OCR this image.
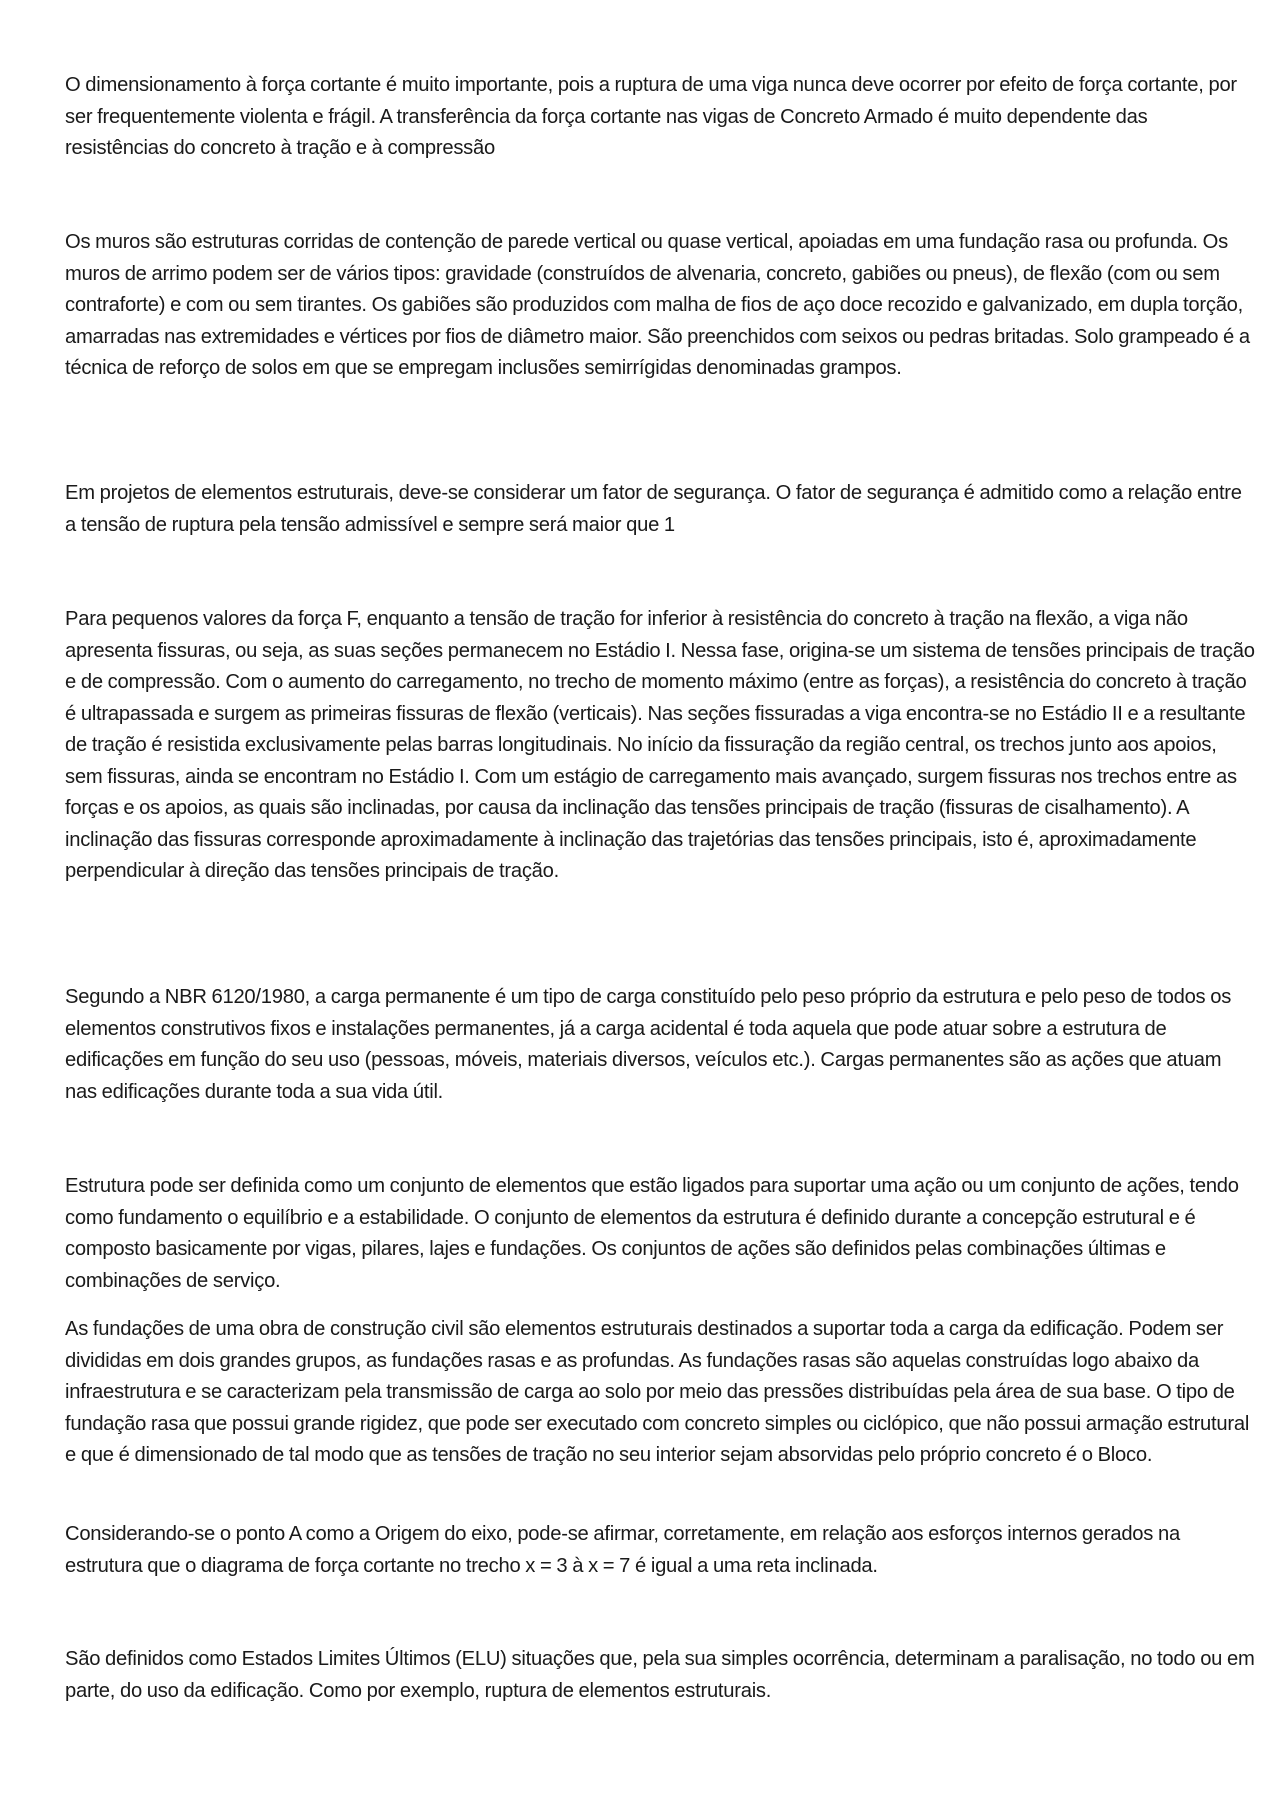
O dimensionamento à força cortante é muito importante, pois a ruptura de uma viga nunca deve ocorrer por efeito de força cortante, por ser frequentemente violenta e frágil. A transferência da força cortante nas vigas de Concreto Armado é muito dependente das resistências do concreto à tração e à compressão

Os muros são estruturas corridas de contenção de parede vertical ou quase vertical, apoiadas em uma fundação rasa ou profunda. Os muros de arrimo podem ser de vários tipos: gravidade (construídos de alvenaria, concreto, gabiões ou pneus), de flexão (com ou sem contraforte) e com ou sem tirantes. Os gabiões são produzidos com malha de fios de aço doce recozido e galvanizado, em dupla torção, amarradas nas extremidades e vértices por fios de diâmetro maior. São preenchidos com seixos ou pedras britadas. Solo grampeado é a técnica de reforço de solos em que se empregam inclusões semirrígidas denominadas grampos.

Em projetos de elementos estruturais, deve-se considerar um fator de segurança. O fator de segurança é admitido como a relação entre a tensão de ruptura pela tensão admissível e sempre será maior que 1

Para pequenos valores da força F, enquanto a tensão de tração for inferior à resistência do concreto à tração na flexão, a viga não apresenta fissuras, ou seja, as suas seções permanecem no Estádio I. Nessa fase, origina-se um sistema de tensões principais de tração e de compressão. Com o aumento do carregamento, no trecho de momento máximo (entre as forças), a resistência do concreto à tração é ultrapassada e surgem as primeiras fissuras de flexão (verticais). Nas seções fissuradas a viga encontra-se no Estádio II e a resultante de tração é resistida exclusivamente pelas barras longitudinais. No início da fissuração da região central, os trechos junto aos apoios, sem fissuras, ainda se encontram no Estádio I. Com um estágio de carregamento mais avançado, surgem fissuras nos trechos entre as forças e os apoios, as quais são inclinadas, por causa da inclinação das tensões principais de tração (fissuras de cisalhamento). A inclinação das fissuras corresponde aproximadamente à inclinação das trajetórias das tensões principais, isto é, aproximadamente perpendicular à direção das tensões principais de tração.

Segundo a NBR 6120/1980, a carga permanente é um tipo de carga constituído pelo peso próprio da estrutura e pelo peso de todos os elementos construtivos fixos e instalações permanentes, já a carga acidental é toda aquela que pode atuar sobre a estrutura de edificações em função do seu uso (pessoas, móveis, materiais diversos, veículos etc.). Cargas permanentes são as ações que atuam nas edificações durante toda a sua vida útil.

Estrutura pode ser definida como um conjunto de elementos que estão ligados para suportar uma ação ou um conjunto de ações, tendo como fundamento o equilíbrio e a estabilidade. O conjunto de elementos da estrutura é definido durante a concepção estrutural e é composto basicamente por vigas, pilares, lajes e fundações. Os conjuntos de ações são definidos pelas combinações últimas e combinações de serviço.

As fundações de uma obra de construção civil são elementos estruturais destinados a suportar toda a carga da edificação. Podem ser divididas em dois grandes grupos, as fundações rasas e as profundas. As fundações rasas são aquelas construídas logo abaixo da infraestrutura e se caracterizam pela transmissão de carga ao solo por meio das pressões distribuídas pela área de sua base. O tipo de fundação rasa que possui grande rigidez, que pode ser executado com concreto simples ou ciclópico, que não possui armação estrutural e que é dimensionado de tal modo que as tensões de tração no seu interior sejam absorvidas pelo próprio concreto é o Bloco.

Considerando-se o ponto A como a Origem do eixo, pode-se afirmar, corretamente, em relação aos esforços internos gerados na estrutura que o diagrama de força cortante no trecho x = 3 à x = 7 é igual a uma reta inclinada.

São definidos como Estados Limites Últimos (ELU) situações que, pela sua simples ocorrência, determinam a paralisação, no todo ou em parte, do uso da edificação. Como por exemplo, ruptura de elementos estruturais.
